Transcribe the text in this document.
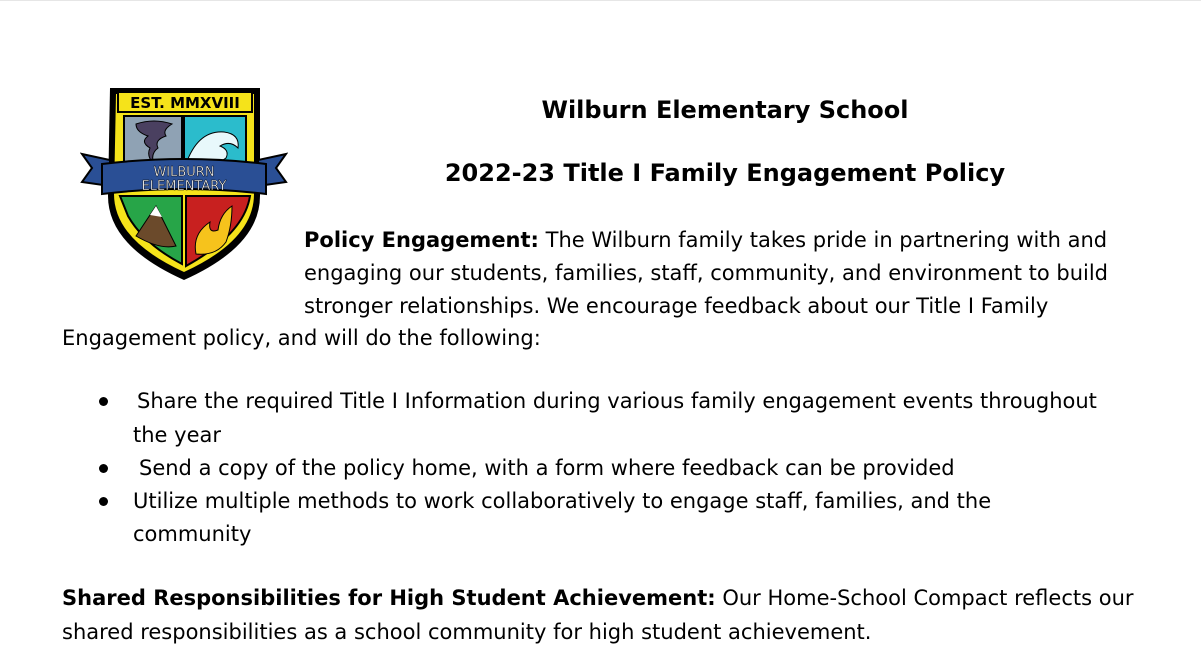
EST. MMXVIII
WILBURN
ELEMENTARY
Wilburn Elementary School
2022-23 Title I Family Engagement Policy
Policy Engagement: The Wilburn family takes pride in partnering with and
engaging our students, families, staff, community, and environment to build
stronger relationships. We encourage feedback about our Title I Family
Engagement policy, and will do the following:
Share the required Title I Information during various family engagement events throughout
the year
Send a copy of the policy home, with a form where feedback can be provided
Utilize multiple methods to work collaboratively to engage staff, families, and the
community
Shared Responsibilities for High Student Achievement: Our Home-School Compact reflects our
shared responsibilities as a school community for high student achievement.
